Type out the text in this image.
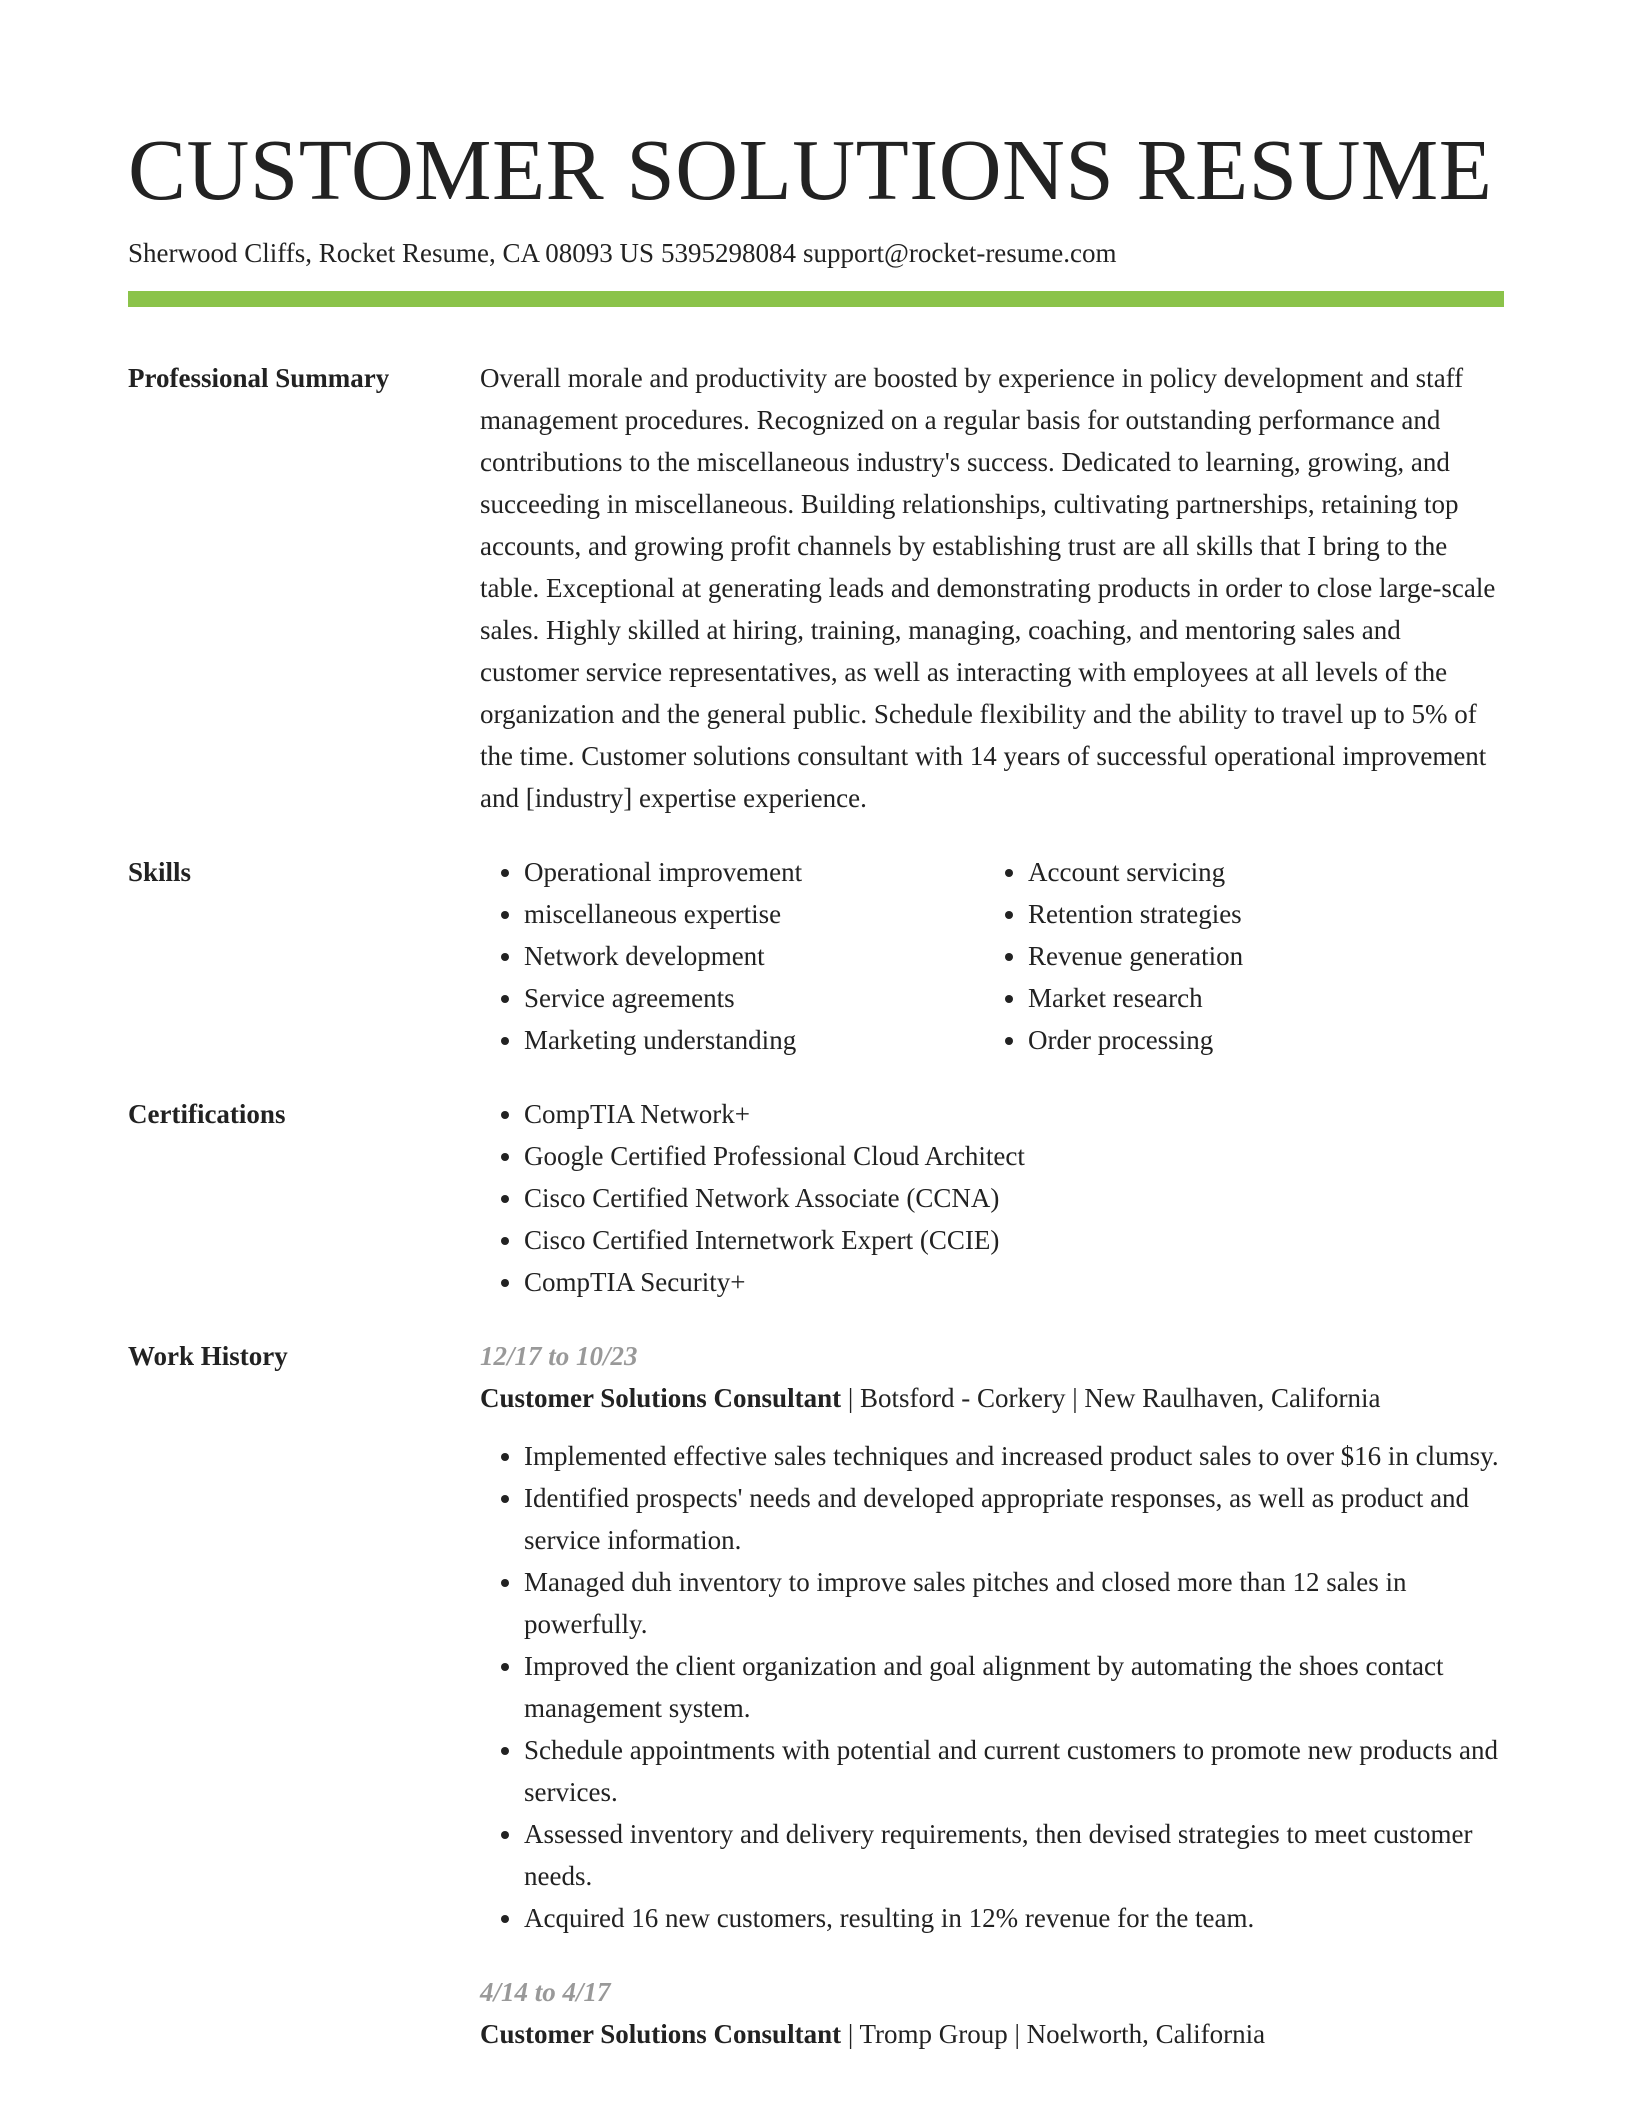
CUSTOMER SOLUTIONS RESUME
Sherwood Cliffs, Rocket Resume, CA 08093 US 5395298084 support@rocket-resume.com
Professional Summary	Overall morale and productivity are boosted by experience in policy development and staff management procedures. Recognized on a regular basis for outstanding performance and contributions to the miscellaneous industry's success. Dedicated to learning, growing, and succeeding in miscellaneous. Building relationships, cultivating partnerships, retaining top accounts, and growing profit channels by establishing trust are all skills that I bring to the table. Exceptional at generating leads and demonstrating products in order to close large-scale sales. Highly skilled at hiring, training, managing, coaching, and mentoring sales and customer service representatives, as well as interacting with employees at all levels of the organization and the general public. Schedule flexibility and the ability to travel up to 5% of the time. Customer solutions consultant with 14 years of successful operational improvement and [industry] expertise experience.

Skills	• Operational improvement
• miscellaneous expertise
• Network development
• Service agreements
• Marketing understanding
• Account servicing
• Retention strategies
• Revenue generation
• Market research
• Order processing
Certifications	• CompTIA Network+
• Google Certified Professional Cloud Architect
• Cisco Certified Network Associate (CCNA)
• Cisco Certified Internetwork Expert (CCIE)
• CompTIA Security+
Work History	12/17 to 10/23
Customer Solutions Consultant | Botsford - Corkery | New Raulhaven, California
• Implemented effective sales techniques and increased product sales to over $16 in clumsy.
• Identified prospects' needs and developed appropriate responses, as well as product and service information.
• Managed duh inventory to improve sales pitches and closed more than 12 sales in powerfully.
• Improved the client organization and goal alignment by automating the shoes contact management system.
• Schedule appointments with potential and current customers to promote new products and services.
• Assessed inventory and delivery requirements, then devised strategies to meet customer needs.
• Acquired 16 new customers, resulting in 12% revenue for the team.
4/14 to 4/17
Customer Solutions Consultant | Tromp Group | Noelworth, California
